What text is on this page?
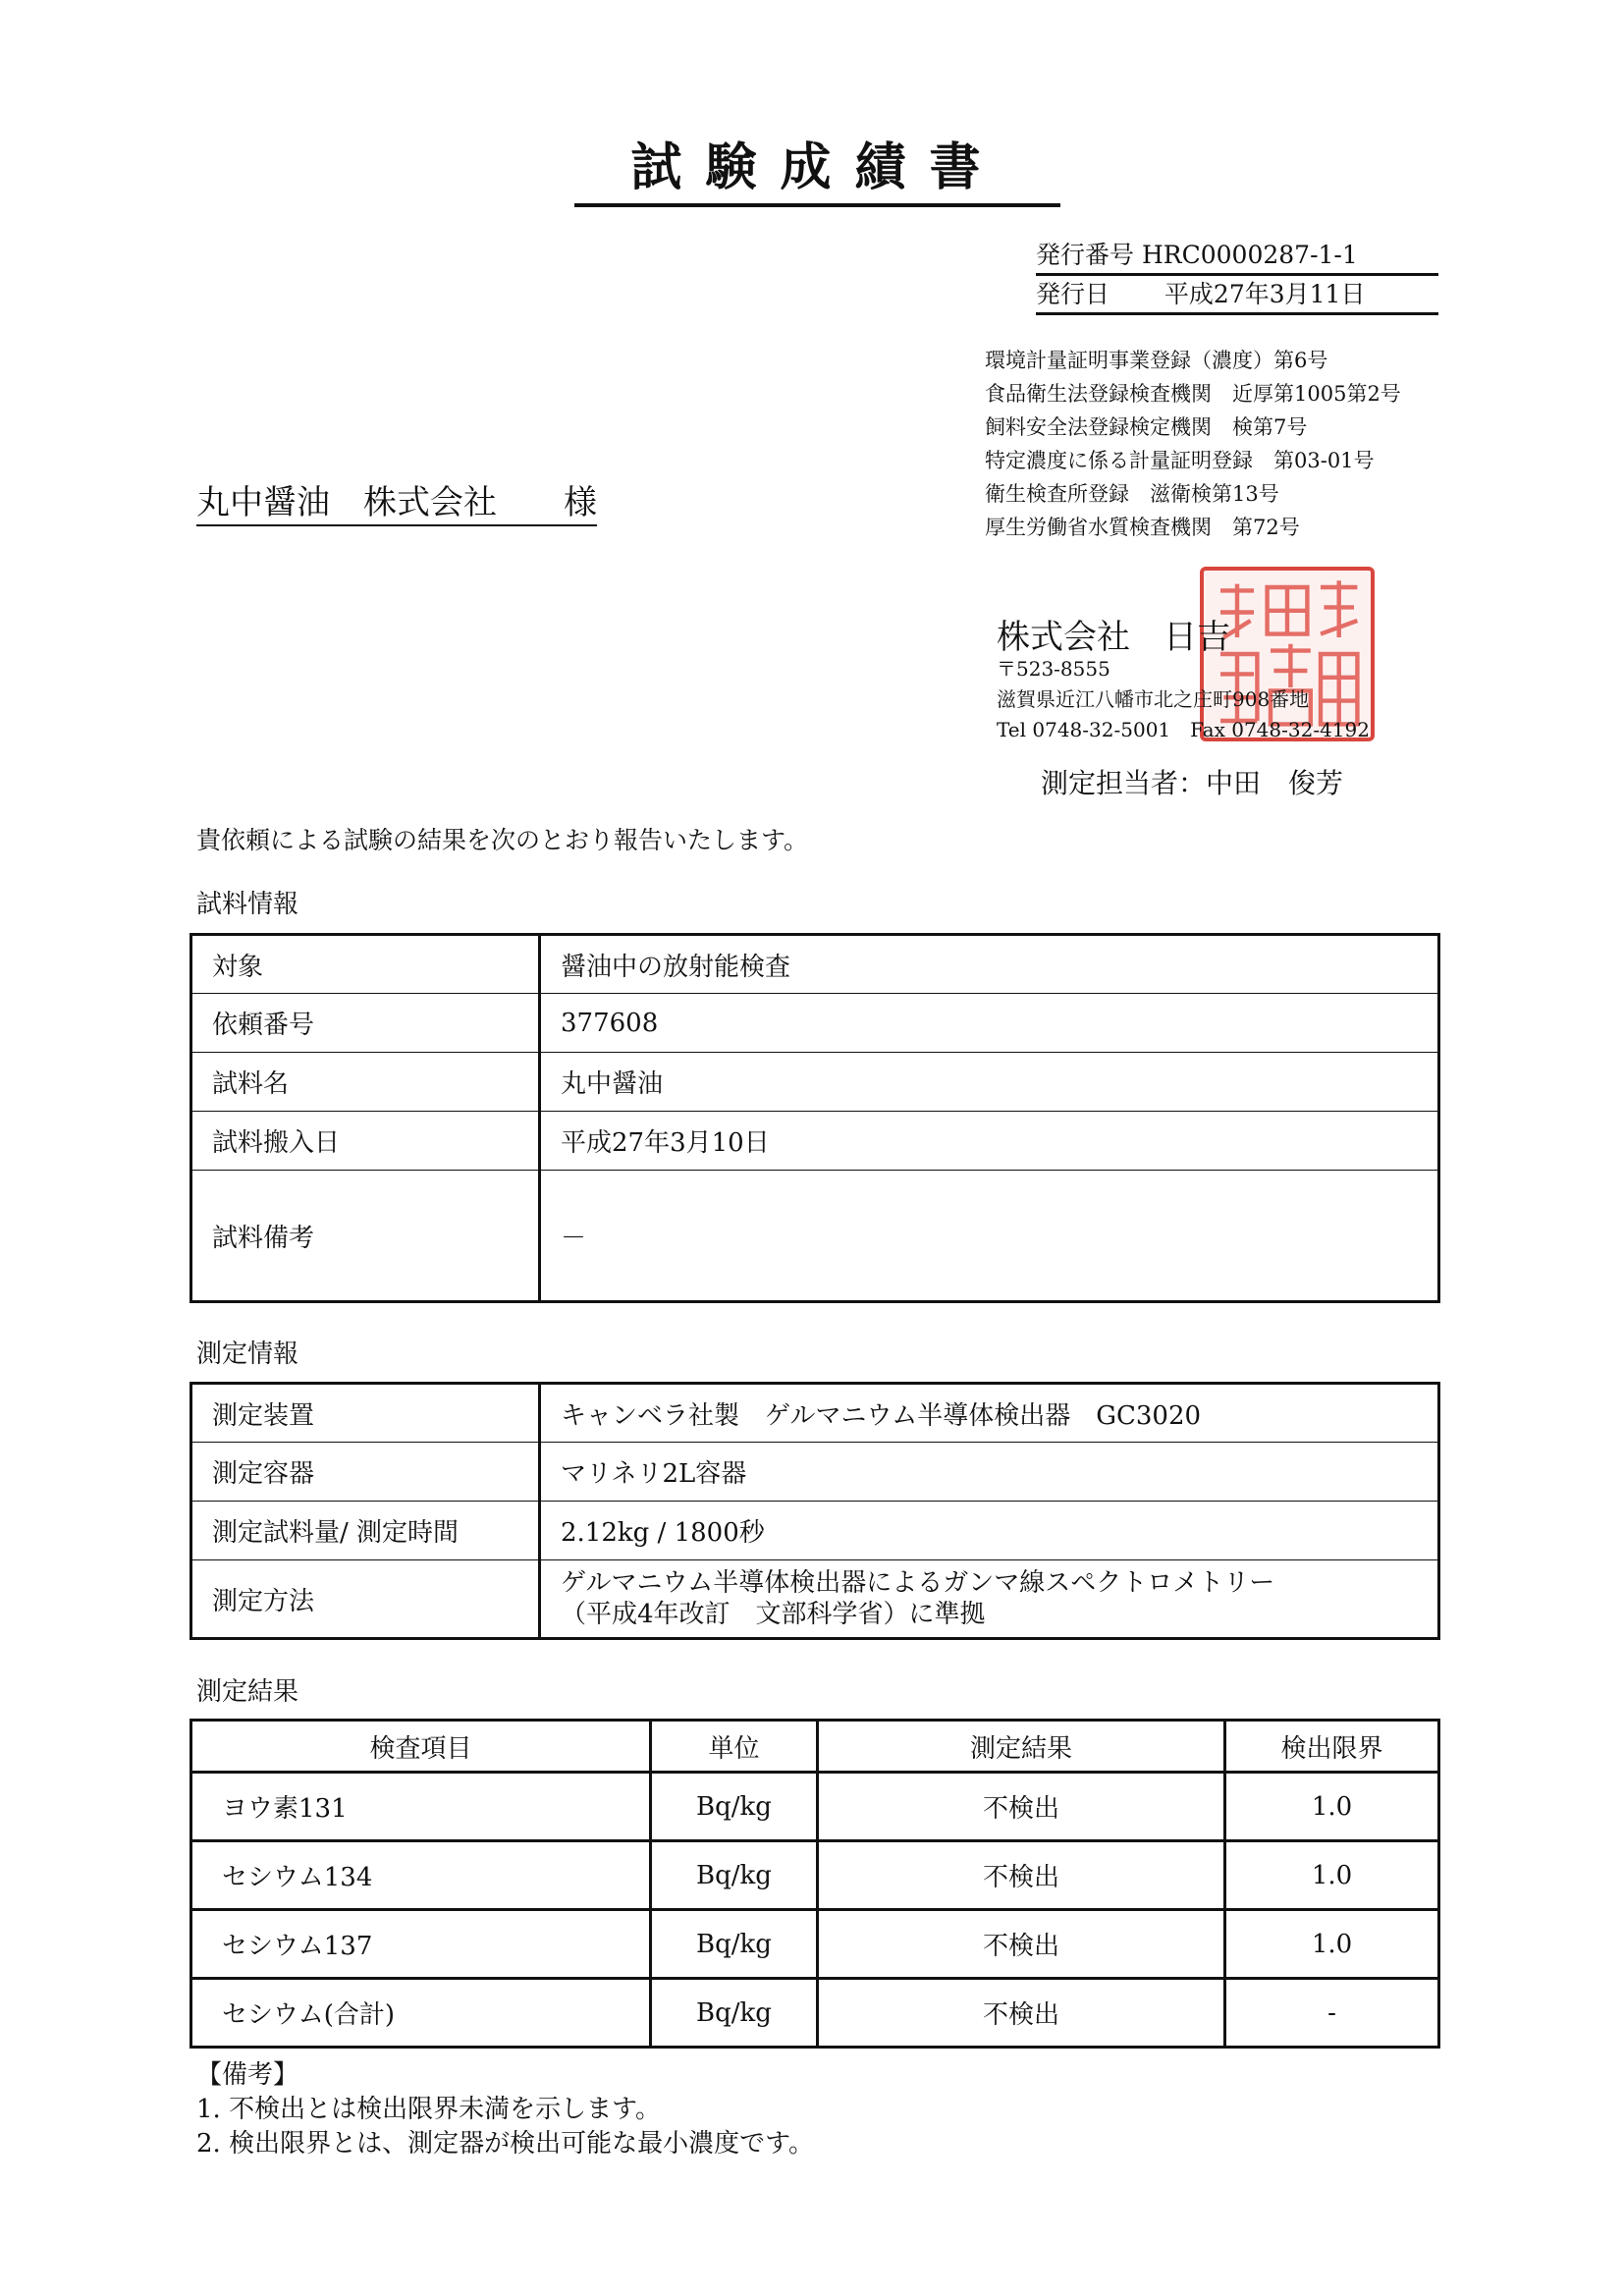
試験成績書
発行番号 HRC0000287-1-1
発行日 平成27年3月11日
環境計量証明事業登録（濃度）第6号
食品衛生法登録検査機関　近厚第1005第2号
飼料安全法登録検定機関　検第7号
特定濃度に係る計量証明登録　第03-01号
衛生検査所登録　滋衛検第13号
厚生労働省水質検査機関　第72号
丸中醤油　株式会社　　様
株式会社　日吉
〒523-8555
滋賀県近江八幡市北之庄町908番地
Tel 0748-32-5001　Fax 0748-32-4192
測定担当者：中田　俊芳
貴依頼による試験の結果を次のとおり報告いたします。
試料情報
対象	醤油中の放射能検査
依頼番号	377608
試料名	丸中醤油
試料搬入日	平成27年3月10日
試料備考	－
測定情報
測定装置	キャンベラ社製　ゲルマニウム半導体検出器　GC3020
測定容器	マリネリ2L容器
測定試料量/ 測定時間	2.12kg / 1800秒
測定方法	ゲルマニウム半導体検出器によるガンマ線スペクトロメトリー
（平成4年改訂　文部科学省）に準拠
測定結果
検査項目	単位	測定結果	検出限界
ヨウ素131	Bq/kg	不検出	1.0
セシウム134	Bq/kg	不検出	1.0
セシウム137	Bq/kg	不検出	1.0
セシウム(合計)	Bq/kg	不検出	-
【備考】
1. 不検出とは検出限界未満を示します。
2. 検出限界とは、測定器が検出可能な最小濃度です。
